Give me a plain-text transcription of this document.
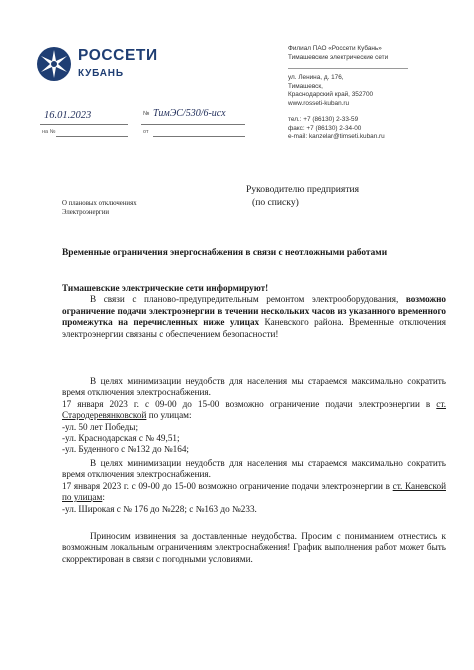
РОССЕТИ
КУБАНЬ
Филиал ПАО «Россети Кубань»
Тимашевские электрические сети
ул. Ленина, д. 176,
Тимашевск,
Краснодарский край, 352700
www.rosseti-kuban.ru
тел.: +7 (86130) 2-33-59
факс: +7 (86130) 2-34-00
e-mail: kanzelar@timseti.kuban.ru
16.01.2023	№ ТимЭС/530/6-исх
на №	от
Руководителю предприятия
(по списку)
О плановых отключениях
Электроэнергии
Временные ограничения энергоснабжения в связи с неотложными работами
Тимашевские электрические сети информируют!
В связи с планово-предупредительным ремонтом электрооборудования, возможно ограничение подачи электроэнергии в течении нескольких часов из указанного временного промежутка на перечисленных ниже улицах Каневского района. Временные отключения электроэнергии связаны с обеспечением безопасности!
В целях минимизации неудобств для населения мы стараемся максимально сократить время отключения электроснабжения.
17 января 2023 г. с 09-00 до 15-00 возможно ограничение подачи электроэнергии в ст. Стародеревянковской по улицам:
-ул. 50 лет Победы;
-ул. Краснодарская с № 49,51;
-ул. Буденного с №132 до №164;
В целях минимизации неудобств для населения мы стараемся максимально сократить время отключения электроснабжения.
17 января 2023 г. с 09-00 до 15-00 возможно ограничение подачи электроэнергии в ст. Каневской по улицам:
-ул. Широкая с № 176 до №228; с №163 до №233.
Приносим извинения за доставленные неудобства. Просим с пониманием отнестись к возможным локальным ограничениям электроснабжения! График выполнения работ может быть скорректирован в связи с погодными условиями.
